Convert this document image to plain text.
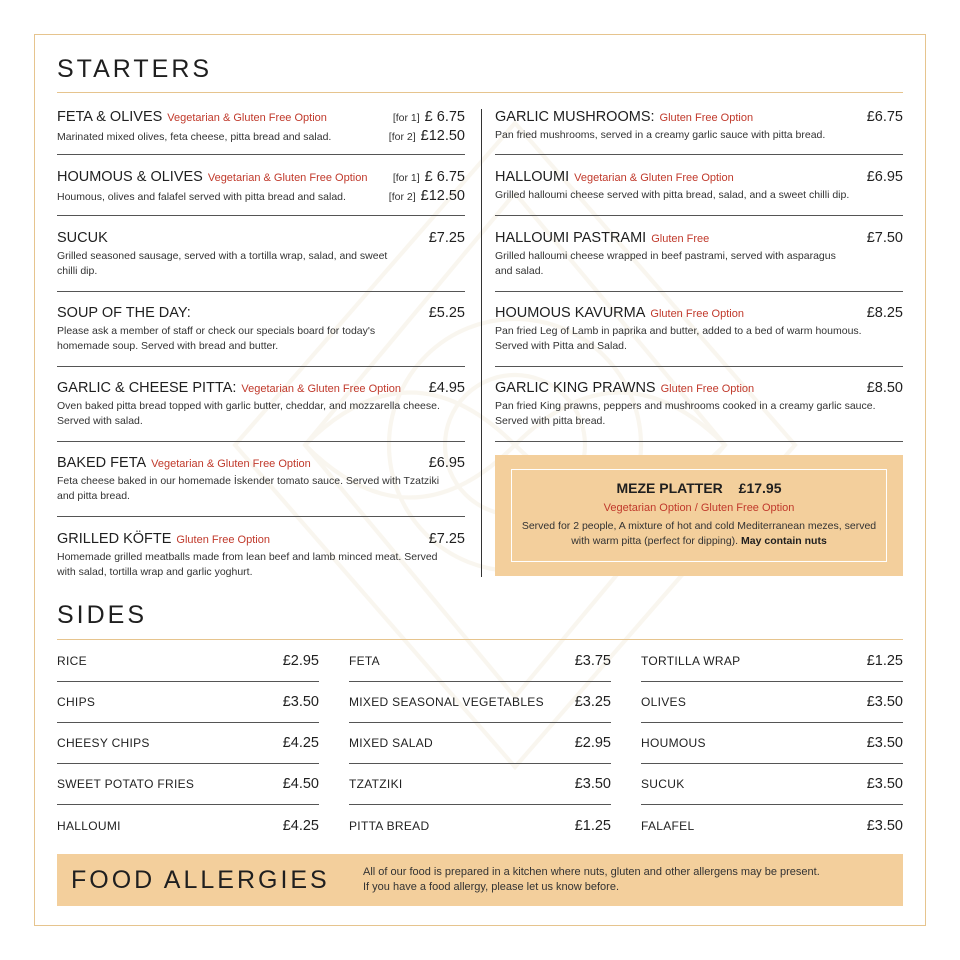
STARTERS
FETA & OLIVES Vegetarian & Gluten Free Option	[for 1] £ 6.75
Marinated mixed olives, feta cheese, pitta bread and salad.	[for 2] £12.50
HOUMOUS & OLIVES Vegetarian & Gluten Free Option [for 1] £ 6.75
Houmous, olives and falafel served with pitta bread and salad.	[for 2] £12.50
SUCUK	£7.25
Grilled seasoned sausage, served with a tortilla wrap, salad, and sweet chilli dip.
SOUP OF THE DAY:	£5.25
Please ask a member of staff or check our specials board for today's homemade soup. Served with bread and butter.
GARLIC & CHEESE PITTA: Vegetarian & Gluten Free Option £4.95
Oven baked pitta bread topped with garlic butter, cheddar, and mozzarella cheese. Served with salad.
BAKED FETA Vegetarian & Gluten Free Option	£6.95
Feta cheese baked in our homemade İskender tomato sauce. Served with Tzatziki and pitta bread.
GRILLED KÖFTE Gluten Free Option	£7.25
Homemade grilled meatballs made from lean beef and lamb minced meat. Served with salad, tortilla wrap and garlic yoghurt.
GARLIC MUSHROOMS: Gluten Free Option	£6.75
Pan fried mushrooms, served in a creamy garlic sauce with pitta bread.
HALLOUMI Vegetarian & Gluten Free Option	£6.95
Grilled halloumi cheese served with pitta bread, salad, and a sweet chilli dip.
HALLOUMI PASTRAMI Gluten Free	£7.50
Grilled halloumi cheese wrapped in beef pastrami, served with asparagus and salad.
HOUMOUS KAVURMA Gluten Free Option	£8.25
Pan fried Leg of Lamb in paprika and butter, added to a bed of warm houmous. Served with Pitta and Salad.
GARLIC KING PRAWNS Gluten Free Option	£8.50
Pan fried King prawns, peppers and mushrooms cooked in a creamy garlic sauce. Served with pitta bread.
MEZE PLATTER £17.95
Vegetarian Option / Gluten Free Option
Served for 2 people, A mixture of hot and cold Mediterranean mezes, served with warm pitta (perfect for dipping). May contain nuts
SIDES
RICE	£2.95
CHIPS	£3.50
CHEESY CHIPS	£4.25
SWEET POTATO FRIES	£4.50
HALLOUMI	£4.25
FETA	£3.75
MIXED SEASONAL VEGETABLES £3.25
MIXED SALAD	£2.95
TZATZIKI	£3.50
PITTA BREAD	£1.25
TORTILLA WRAP	£1.25
OLIVES	£3.50
HOUMOUS	£3.50
SUCUK	£3.50
FALAFEL	£3.50
FOOD ALLERGIES	All of our food is prepared in a kitchen where nuts, gluten and other allergens may be present.
If you have a food allergy, please let us know before.
